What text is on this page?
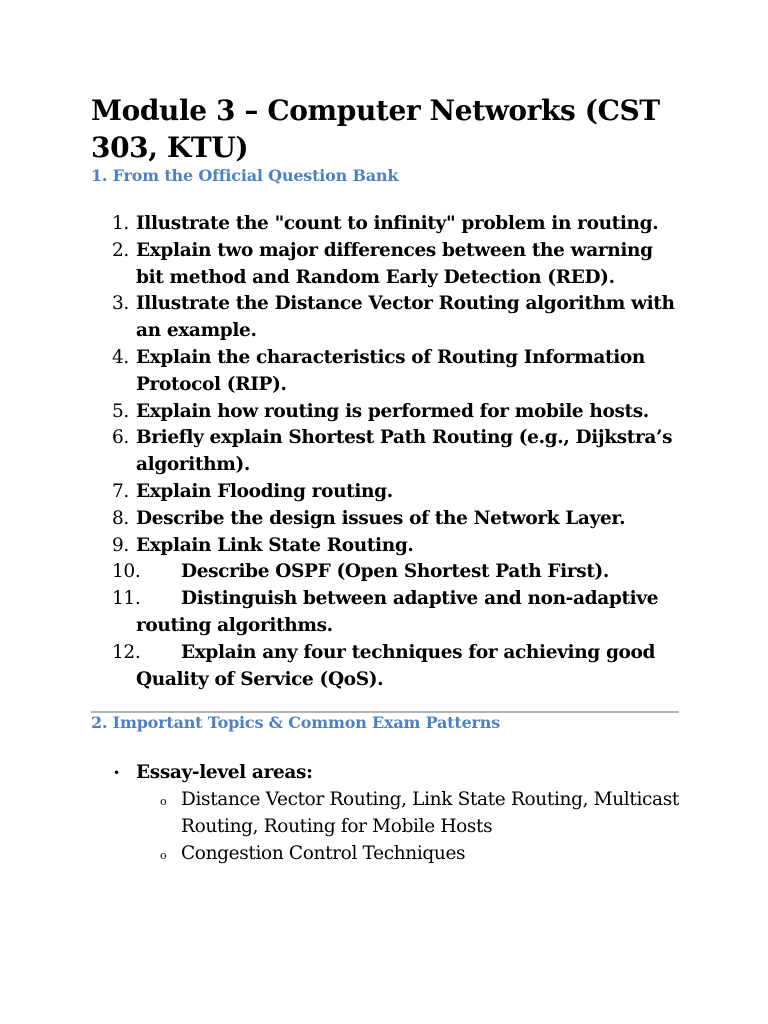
Module 3 – Computer Networks (CST 303, KTU)
1. From the Official Question Bank
1. Illustrate the "count to infinity" problem in routing.
2. Explain two major differences between the warning bit method and Random Early Detection (RED).
3. Illustrate the Distance Vector Routing algorithm with an example.
4. Explain the characteristics of Routing Information Protocol (RIP).
5. Explain how routing is performed for mobile hosts.
6. Briefly explain Shortest Path Routing (e.g., Dijkstra’s algorithm).
7. Explain Flooding routing.
8. Describe the design issues of the Network Layer.
9. Explain Link State Routing.
10. Describe OSPF (Open Shortest Path First).
11. Distinguish between adaptive and non-adaptive routing algorithms.
12. Explain any four techniques for achieving good Quality of Service (QoS).
2. Important Topics & Common Exam Patterns
• Essay-level areas:
o Distance Vector Routing, Link State Routing, Multicast Routing, Routing for Mobile Hosts
o Congestion Control Techniques
